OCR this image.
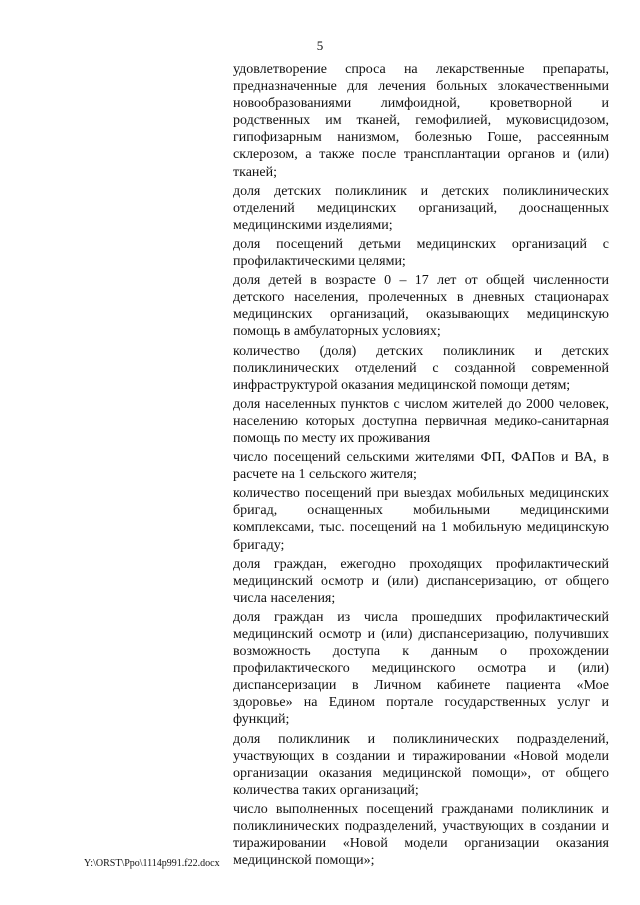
5

удовлетворение спроса на лекарственные препараты, предназначенные для лечения больных злокачественными новообразованиями лимфоидной, кроветворной и родственных им тканей, гемофилией, муковисцидозом, гипофизарным нанизмом, болезнью Гоше, рассеянным склерозом, а также после трансплантации органов и (или) тканей;

доля детских поликлиник и детских поликлинических отделений медицинских организаций, дооснащенных медицинскими изделиями;

доля посещений детьми медицинских организаций с профилактическими целями;

доля детей в возрасте 0 – 17 лет от общей численности детского населения, пролеченных в дневных стационарах медицинских организаций, оказывающих медицинскую помощь в амбулаторных условиях;

количество (доля) детских поликлиник и детских поликлинических отделений с созданной современной инфраструктурой оказания медицинской помощи детям;

доля населенных пунктов с числом жителей до 2000 человек, населению которых доступна первичная медико-санитарная помощь по месту их проживания

число посещений сельскими жителями ФП, ФАПов и ВА, в расчете на 1 сельского жителя;

количество посещений при выездах мобильных медицинских бригад, оснащенных мобильными медицинскими комплексами, тыс. посещений на 1 мобильную медицинскую бригаду;

доля граждан, ежегодно проходящих профилактический медицинский осмотр и (или) диспансеризацию, от общего числа населения;

доля граждан из числа прошедших профилактический медицинский осмотр и (или) диспансеризацию, получивших возможность доступа к данным о прохождении профилактического медицинского осмотра и (или) диспансеризации в Личном кабинете пациента «Мое здоровье» на Едином портале государственных услуг и функций;

доля поликлиник и поликлинических подразделений, участвующих в создании и тиражировании «Новой модели организации оказания медицинской помощи», от общего количества таких организаций;

число выполненных посещений гражданами поликлиник и поликлинических подразделений, участвующих в создании и тиражировании «Новой модели организации оказания медицинской помощи»;

Y:\ORST\Ppo\1114p991.f22.docx
